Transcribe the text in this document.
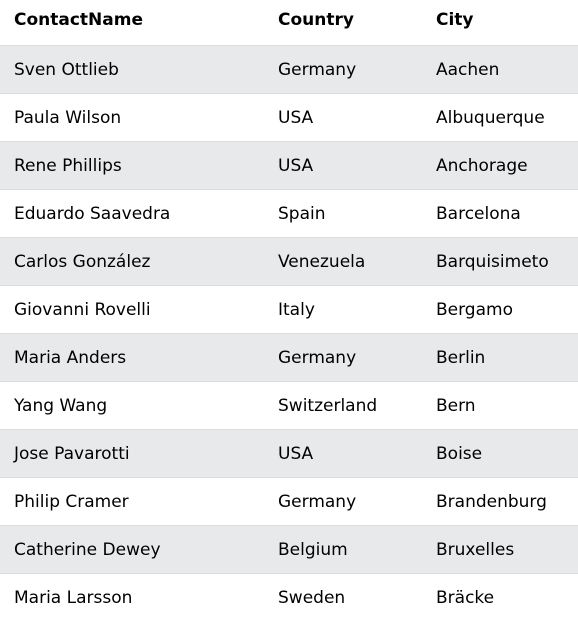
ContactName	Country	City
Sven Ottlieb	Germany	Aachen
Paula Wilson	USA	Albuquerque
Rene Phillips	USA	Anchorage
Eduardo Saavedra	Spain	Barcelona
Carlos González	Venezuela	Barquisimeto
Giovanni Rovelli	Italy	Bergamo
Maria Anders	Germany	Berlin
Yang Wang	Switzerland	Bern
Jose Pavarotti	USA	Boise
Philip Cramer	Germany	Brandenburg
Catherine Dewey	Belgium	Bruxelles
Maria Larsson	Sweden	Bräcke
